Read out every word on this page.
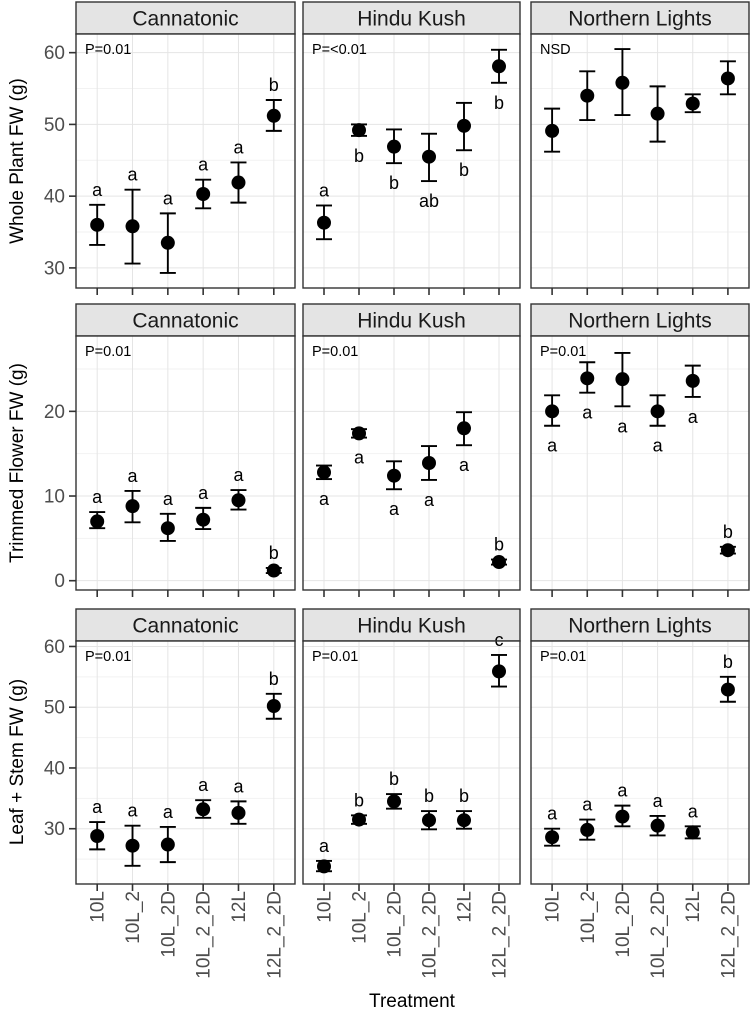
Cannatonic
30
40
50
60
a
a
a
a
a
b
P=0.01
Hindu Kush
a
b
b
ab
b
b
P=<0.01
Northern Lights
NSD
Cannatonic
0
10
20
a
a
a a
a
b
P=0.01
Hindu Kush
a
a
a a
a
b
P=0.01
Northern Lights
a
a
a
a
a
b
P=0.01
Cannatonic
30
40
50
60
a a a
a a
b
P=0.01
10L 10L_2 10L_2D 10L_2_2D 12L 12L_2_2D
Hindu Kush
a
b
b
b b
c
P=0.01
10L 10L_2 10L_2D 10L_2_2D 12L 12L_2_2D
Northern Lights
a a
a
a
a
b
P=0.01
10L 10L_2 10L_2D 10L_2_2D 12L 12L_2_2D
Whole Plant FW (g)
Trimmed Flower FW (g)
Leaf + Stem FW (g)
Treatment
